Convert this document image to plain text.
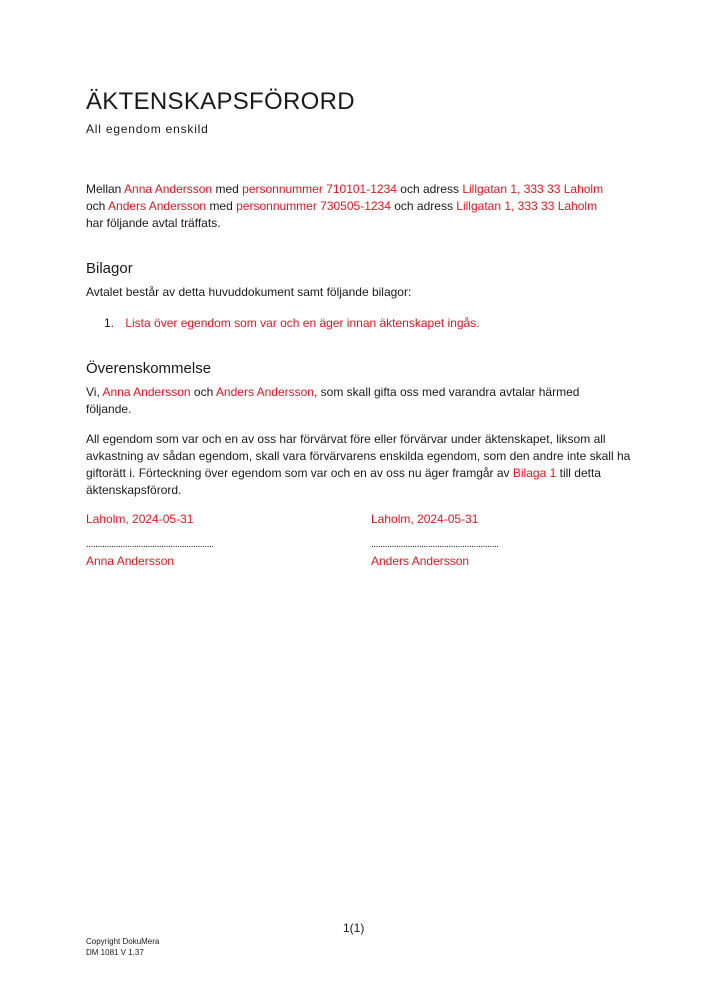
ÄKTENSKAPSFÖRORD
All egendom enskild

Mellan Anna Andersson med personnummer 710101-1234 och adress Lillgatan 1, 333 33 Laholm
och Anders Andersson med personnummer 730505-1234 och adress Lillgatan 1, 333 33 Laholm
har följande avtal träffats.

Bilagor

Avtalet består av detta huvuddokument samt följande bilagor:

1. Lista över egendom som var och en äger innan äktenskapet ingås.
Överenskommelse

Vi, Anna Andersson och Anders Andersson, som skall gifta oss med varandra avtalar härmed följande.

All egendom som var och en av oss har förvärvat före eller förvärvar under äktenskapet, liksom all avkastning av sådan egendom, skall vara förvärvarens enskilda egendom, som den andre inte skall ha giftorätt i. Förteckning över egendom som var och en av oss nu äger framgår av Bilaga 1 till detta äktenskapsförord.

Laholm, 2024-05-31
........................................................
Anna Andersson
Laholm, 2024-05-31
........................................................
Anders Andersson
1(1)
Copyright DokuMera
DM 1081 V 1.37
